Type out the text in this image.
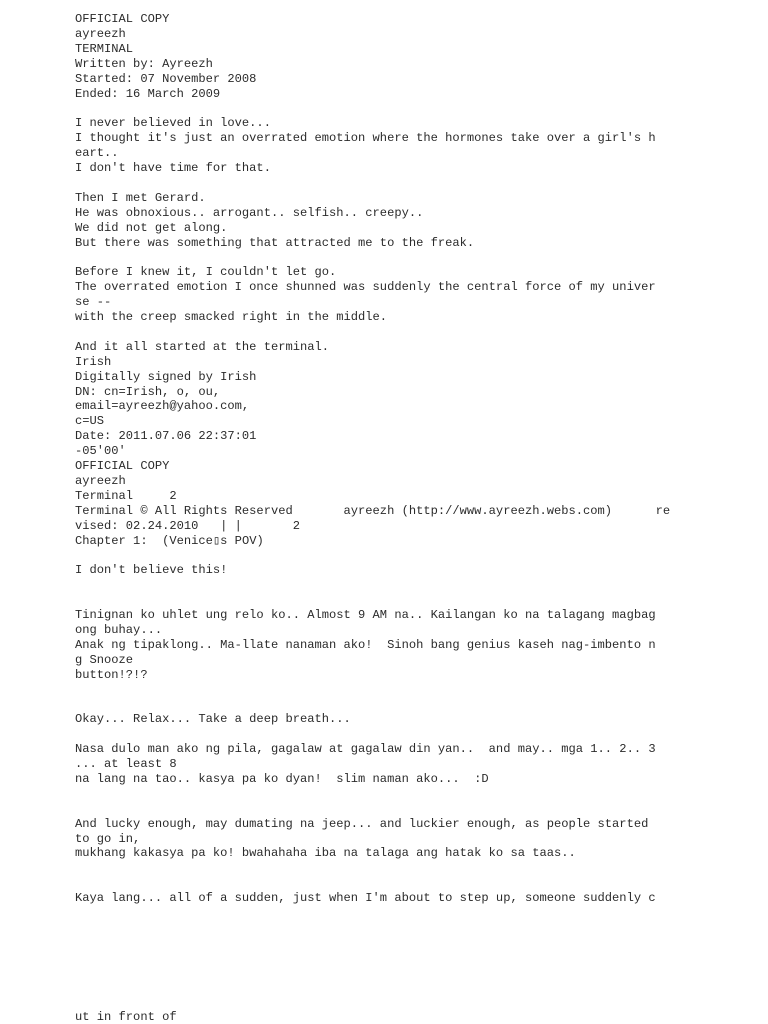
OFFICIAL COPY
ayreezh
TERMINAL
Written by: Ayreezh
Started: 07 November 2008
Ended: 16 March 2009
I never believed in love...
I thought it's just an overrated emotion where the hormones take over a girl's h
eart..
I don't have time for that.
Then I met Gerard.
He was obnoxious.. arrogant.. selfish.. creepy..
We did not get along.
But there was something that attracted me to the freak.
Before I knew it, I couldn't let go.
The overrated emotion I once shunned was suddenly the central force of my univer
se --
with the creep smacked right in the middle.
And it all started at the terminal.
Irish
Digitally signed by Irish
DN: cn=Irish, o, ou,
email=ayreezh@yahoo.com,
c=US
Date: 2011.07.06 22:37:01
-05'00'
OFFICIAL COPY
ayreezh
Terminal     2
Terminal © All Rights Reserved       ayreezh (http://www.ayreezh.webs.com)      re
vised: 02.24.2010   | |       2
Chapter 1:  (Venice▯s POV)
I don't believe this!
Tinignan ko uhlet ung relo ko.. Almost 9 AM na.. Kailangan ko na talagang magbag
ong buhay...
Anak ng tipaklong.. Ma-llate nanaman ako!  Sinoh bang genius kaseh nag-imbento n
g Snooze
button!?!?
Okay... Relax... Take a deep breath...
Nasa dulo man ako ng pila, gagalaw at gagalaw din yan..  and may.. mga 1.. 2.. 3
... at least 8
na lang na tao.. kasya pa ko dyan!  slim naman ako...  :D
And lucky enough, may dumating na jeep... and luckier enough, as people started
to go in,
mukhang kakasya pa ko! bwahahaha iba na talaga ang hatak ko sa taas..
Kaya lang... all of a sudden, just when I'm about to step up, someone suddenly c
ut in front of
